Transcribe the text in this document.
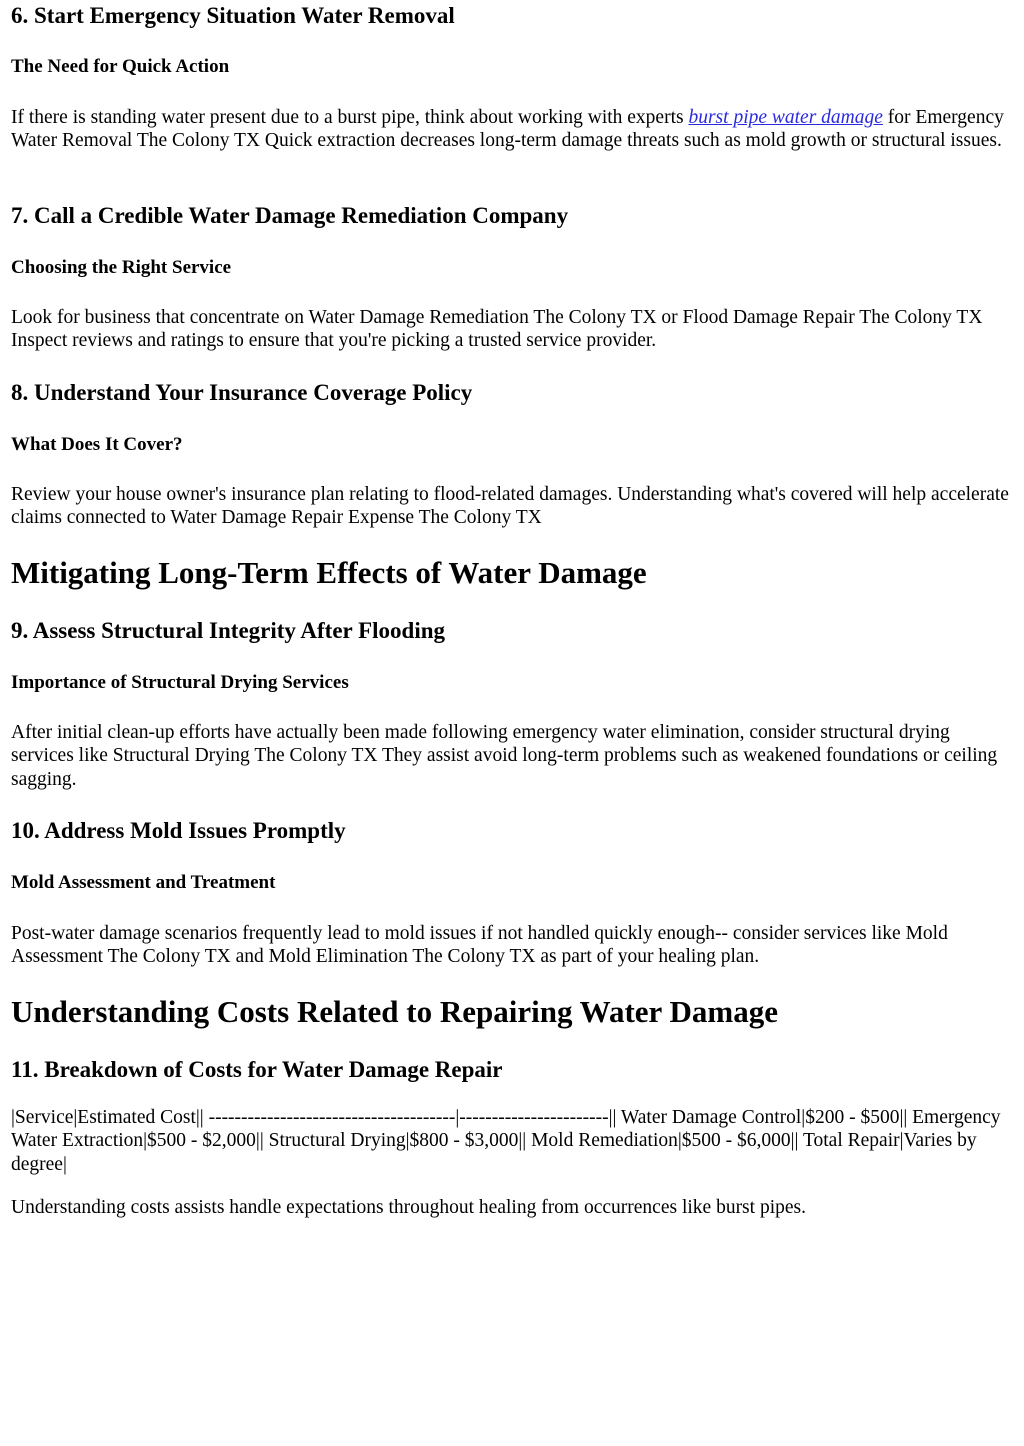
6. Start Emergency Situation Water Removal
The Need for Quick Action

If there is standing water present due to a burst pipe, think about working with experts burst pipe water damage for Emergency Water Removal The Colony TX Quick extraction decreases long-term damage threats such as mold growth or structural issues.

7. Call a Credible Water Damage Remediation Company
Choosing the Right Service

Look for business that concentrate on Water Damage Remediation The Colony TX or Flood Damage Repair The Colony TX Inspect reviews and ratings to ensure that you're picking a trusted service provider.

8. Understand Your Insurance Coverage Policy
What Does It Cover?

Review your house owner's insurance plan relating to flood-related damages. Understanding what's covered will help accelerate claims connected to Water Damage Repair Expense The Colony TX

Mitigating Long-Term Effects of Water Damage
9. Assess Structural Integrity After Flooding
Importance of Structural Drying Services

After initial clean-up efforts have actually been made following emergency water elimination, consider structural drying services like Structural Drying The Colony TX They assist avoid long-term problems such as weakened foundations or ceiling sagging.

10. Address Mold Issues Promptly
Mold Assessment and Treatment

Post-water damage scenarios frequently lead to mold issues if not handled quickly enough-- consider services like Mold Assessment The Colony TX and Mold Elimination The Colony TX as part of your healing plan.

Understanding Costs Related to Repairing Water Damage
11. Breakdown of Costs for Water Damage Repair

|Service|Estimated Cost|| --------------------------------------|-----------------------|| Water Damage Control|$200 - $500|| Emergency Water Extraction|$500 - $2,000|| Structural Drying|$800 - $3,000|| Mold Remediation|$500 - $6,000|| Total Repair|Varies by degree|

Understanding costs assists handle expectations throughout healing from occurrences like burst pipes.
